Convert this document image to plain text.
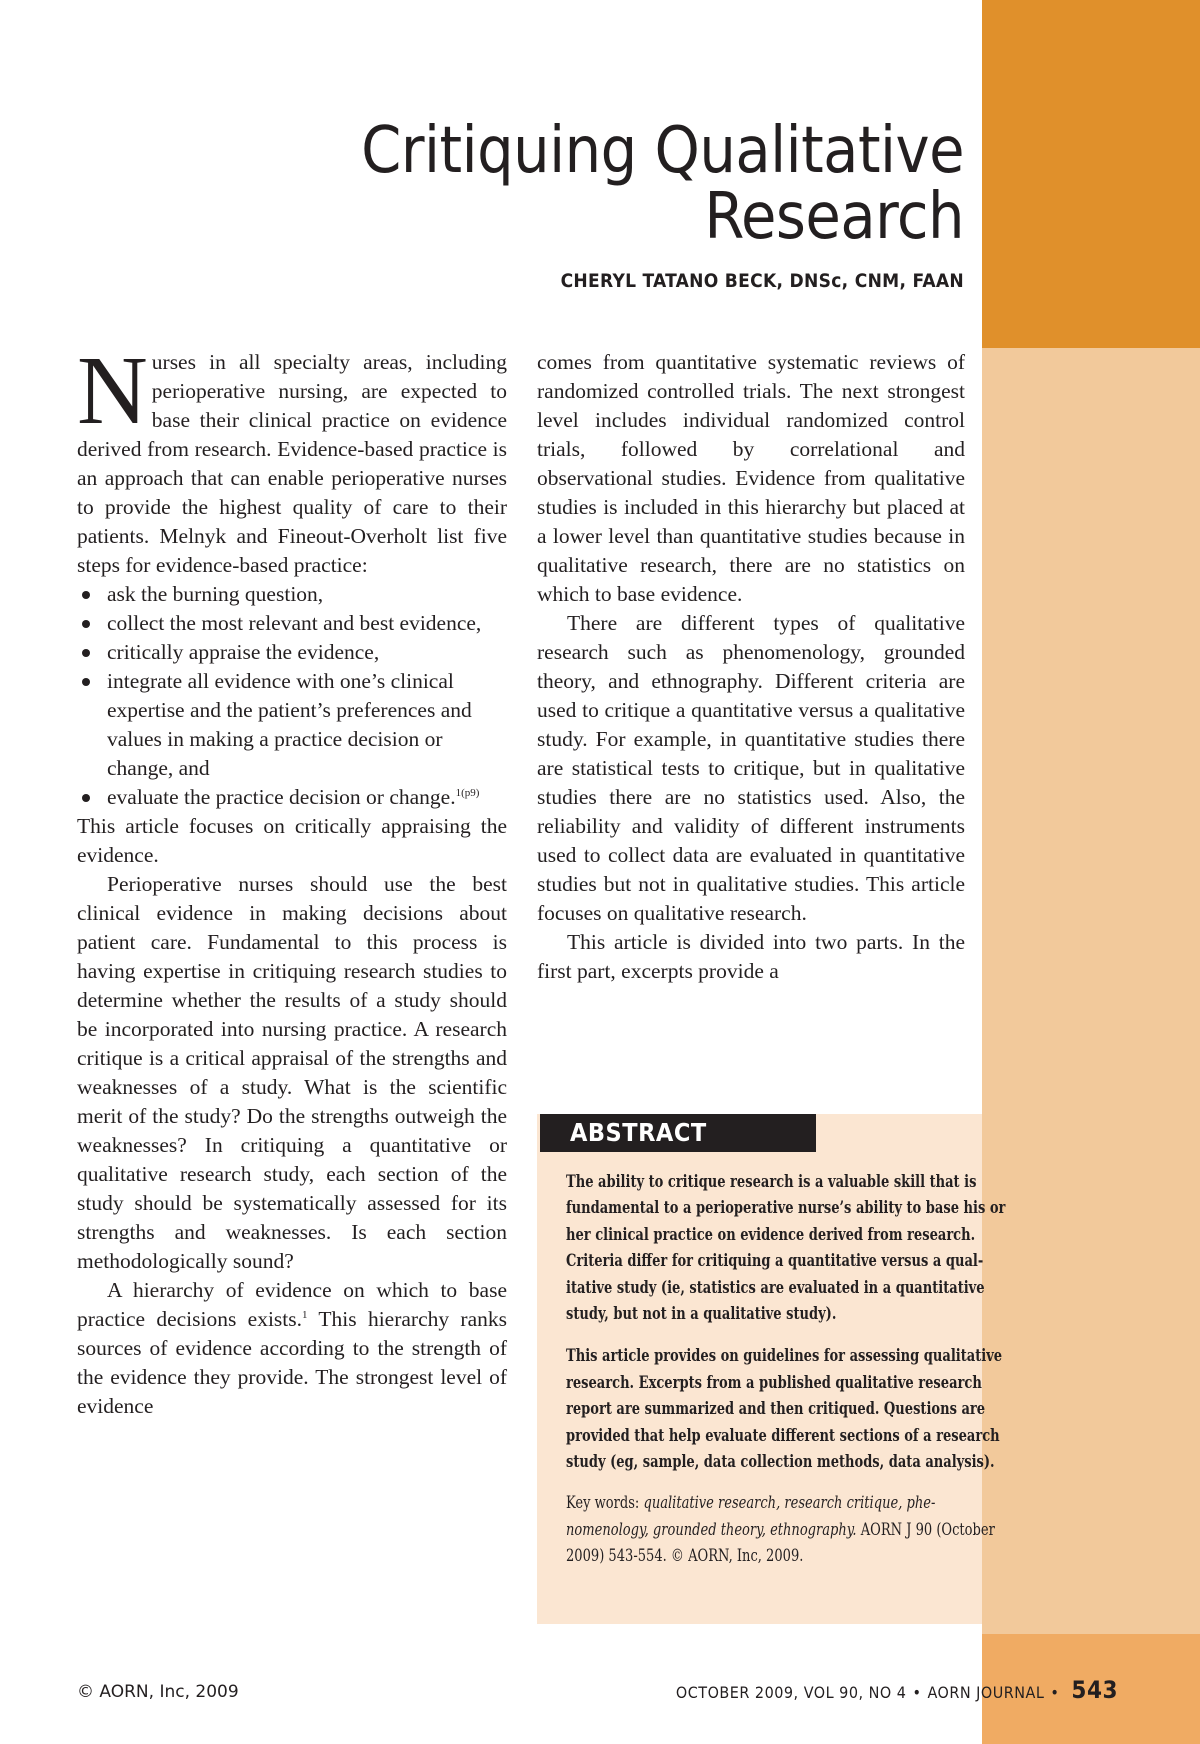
Critiquing Qualitative
Research
CHERYL TATANO BECK, DNSc, CNM, FAAN

Nurses in all specialty areas, including perioperative nursing, are expected to base their clinical practice on evidence derived from research. Evidence-based practice is an approach that can enable perioperative nurses to provide the highest quality of care to their patients. Melnyk and Fineout-Overholt list five steps for evidence-based practice:

ask the burning question,
collect the most relevant and best evidence,
critically appraise the evidence,
integrate all evidence with one’s clinical expertise and the patient’s preferences and values in making a practice decision or change, and
evaluate the practice decision or change.$^{1(p9)}$

This article focuses on critically appraising the evidence.

Perioperative nurses should use the best clinical evidence in making decisions about patient care. Fundamental to this process is having expertise in critiquing research studies to determine whether the results of a study should be incorporated into nursing practice. A research critique is a critical appraisal of the strengths and weaknesses of a study. What is the scientific merit of the study? Do the strengths outweigh the weaknesses? In critiquing a quantitative or qualitative research study, each section of the study should be systematically assessed for its strengths and weaknesses. Is each section methodologically sound?

A hierarchy of evidence on which to base practice decisions exists.$^1$ This hierarchy ranks sources of evidence according to the strength of the evidence they provide. The strongest level of evidence

comes from quantitative systematic reviews of randomized controlled trials. The next strongest level includes individual randomized control trials, followed by correlational and observational studies. Evidence from qualitative studies is included in this hierarchy but placed at a lower level than quantitative studies because in qualitative research, there are no statistics on which to base evidence.

There are different types of qualitative research such as phenomenology, grounded theory, and ethnography. Different criteria are used to critique a quantitative versus a qualitative study. For example, in quantitative studies there are statistical tests to critique, but in qualitative studies there are no statistics used. Also, the reliability and validity of different instruments used to collect data are evaluated in quantitative studies but not in qualitative studies. This article focuses on qualitative research.

This article is divided into two parts. In the first part, excerpts provide a

ABSTRACT

The ability to critique research is a valuable skill that is fundamental to a perioperative nurse’s ability to base his or her clinical practice on evidence derived from research. Criteria differ for critiquing a quantitative versus a qualitative study (ie, statistics are evaluated in a quantitative study, but not in a qualitative study).

This article provides on guidelines for assessing qualitative research. Excerpts from a published qualitative research report are summarized and then critiqued. Questions are provided that help evaluate different sections of a research study (eg, sample, data collection methods, data analysis).

Key words: qualitative research, research critique, phenomenology, grounded theory, ethnography. AORN J 90 (October 2009) 543-554. © AORN, Inc, 2009.

© AORN, Inc, 2009	OCTOBER 2009, VOL 90, NO 4 • AORN JOURNAL • 543
